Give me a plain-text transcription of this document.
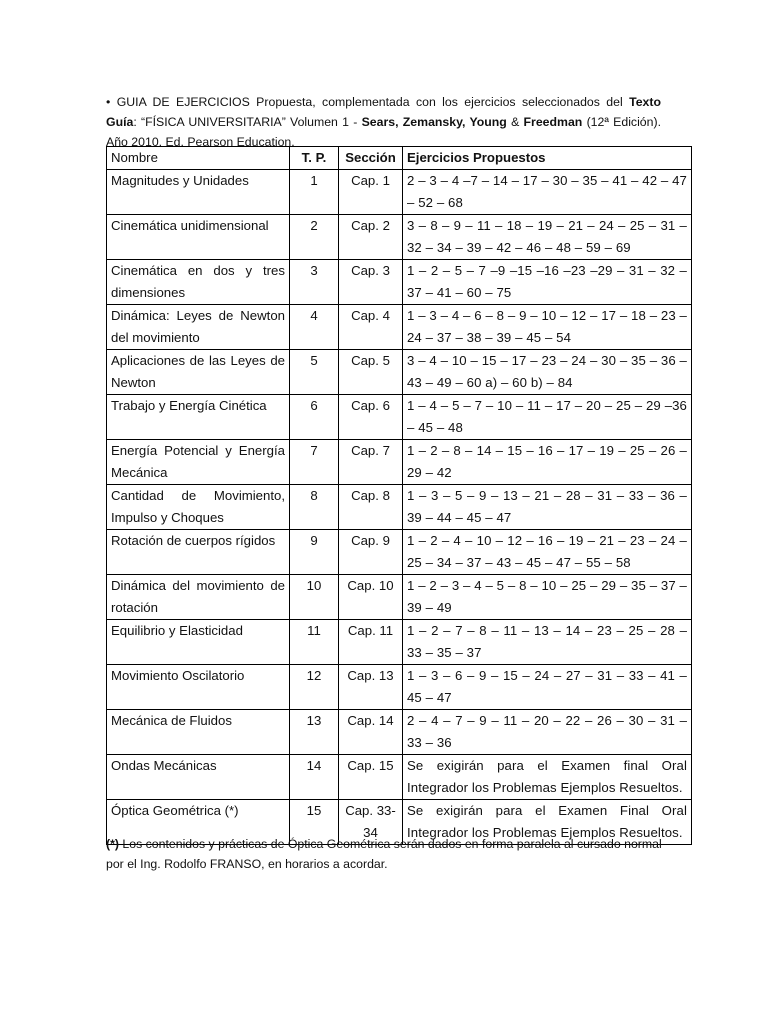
• GUIA DE EJERCICIOS Propuesta, complementada con los ejercicios seleccionados del Texto Guía: “FÍSICA UNIVERSITARIA” Volumen 1 - Sears, Zemansky, Young & Freedman (12ª Edición). Año 2010. Ed. Pearson Education.

Nombre	T. P.	Sección	Ejercicios Propuestos
Magnitudes y Unidades	1	Cap. 1	2 – 3 – 4 –7 – 14 – 17 – 30 – 35 – 41 – 42 – 47 – 52 – 68
Cinemática unidimensional	2	Cap. 2	3 – 8 – 9 – 11 – 18 – 19 – 21 – 24 – 25 – 31 – 32 – 34 – 39 – 42 – 46 – 48 – 59 – 69
Cinemática en dos y tres dimensiones	3	Cap. 3	1 – 2 – 5 – 7 –9 –15 –16 –23 –29 – 31 – 32 – 37 – 41 – 60 – 75
Dinámica: Leyes de Newton del movimiento	4	Cap. 4	1 – 3 – 4 – 6 – 8 – 9 – 10 – 12 – 17 – 18 – 23 – 24 – 37 – 38 – 39 – 45 – 54
Aplicaciones de las Leyes de Newton	5	Cap. 5	3 – 4 – 10 – 15 – 17 – 23 – 24 – 30 – 35 – 36 – 43 – 49 – 60 a) – 60 b) – 84
Trabajo y Energía Cinética	6	Cap. 6	1 – 4 – 5 – 7 – 10 – 11 – 17 – 20 – 25 – 29 –36 – 45 – 48
Energía Potencial y Energía Mecánica	7	Cap. 7	1 – 2 – 8 – 14 – 15 – 16 – 17 – 19 – 25 – 26 – 29 – 42
Cantidad de Movimiento, Impulso y Choques	8	Cap. 8	1 – 3 – 5 – 9 – 13 – 21 – 28 – 31 – 33 – 36 – 39 – 44 – 45 – 47
Rotación de cuerpos rígidos	9	Cap. 9	1 – 2 – 4 – 10 – 12 – 16 – 19 – 21 – 23 – 24 – 25 – 34 – 37 – 43 – 45 – 47 – 55 – 58
Dinámica del movimiento de rotación	10	Cap. 10	1 – 2 – 3 – 4 – 5 – 8 – 10 – 25 – 29 – 35 – 37 – 39 – 49
Equilibrio y Elasticidad	11	Cap. 11	1 – 2 – 7 – 8 – 11 – 13 – 14 – 23 – 25 – 28 – 33 – 35 – 37
Movimiento Oscilatorio	12	Cap. 13	1 – 3 – 6 – 9 – 15 – 24 – 27 – 31 – 33 – 41 – 45 – 47
Mecánica de Fluidos	13	Cap. 14	2 – 4 – 7 – 9 – 11 – 20 – 22 – 26 – 30 – 31 – 33 – 36
Ondas Mecánicas	14	Cap. 15	Se exigirán para el Examen final Oral Integrador los Problemas Ejemplos Resueltos.
Óptica Geométrica (*)	15	Cap. 33-34	Se exigirán para el Examen Final Oral Integrador los Problemas Ejemplos Resueltos.

(*) Los contenidos y prácticas de Óptica Geométrica serán dados en forma paralela al cursado normal por el Ing. Rodolfo FRANSO, en horarios a acordar.
